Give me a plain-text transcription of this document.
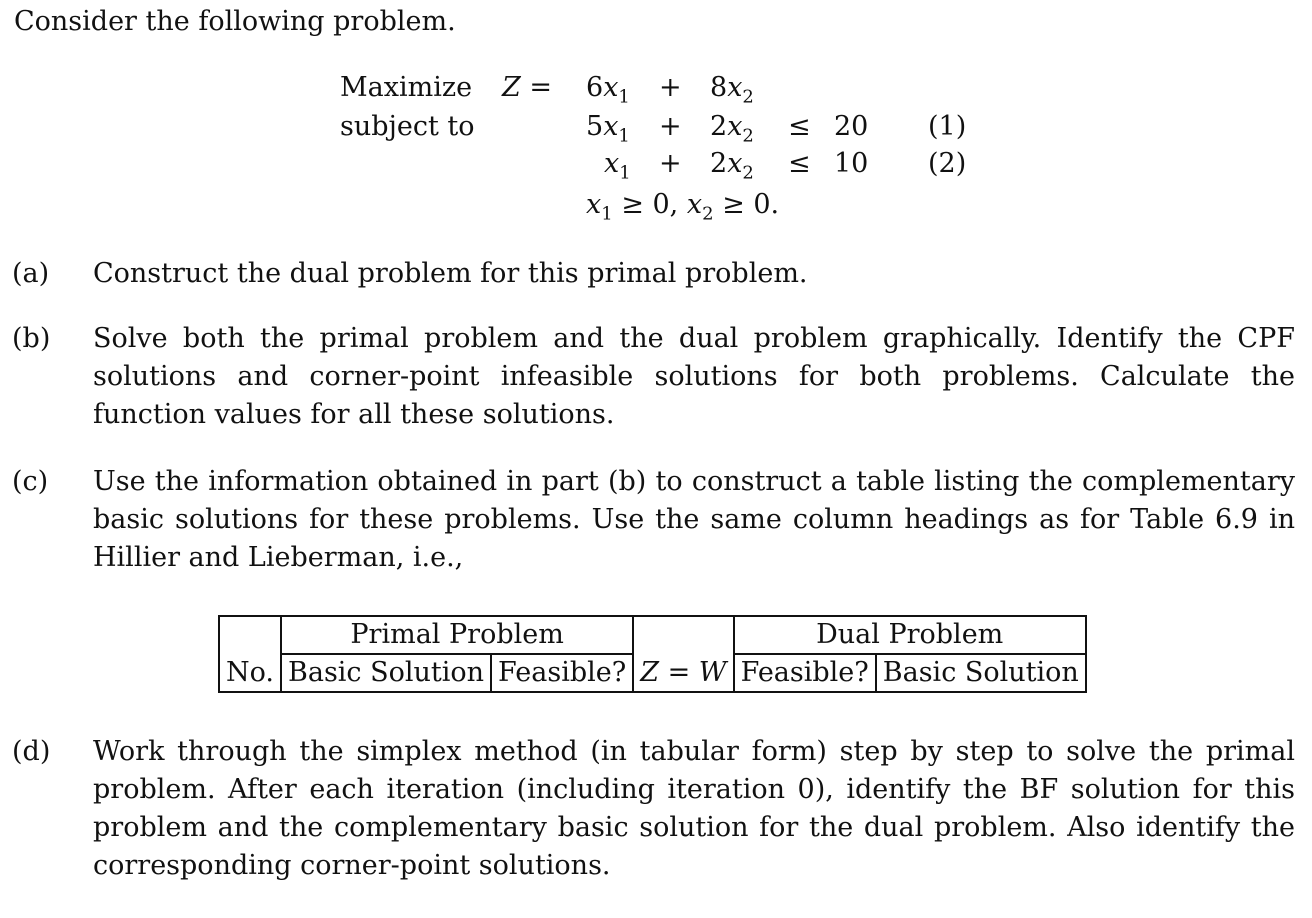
Consider the following problem.
Maximize $Z = 6x_1 + 8x_2$
subject to	$5x_1 + 2x_2 \le 20$ (1)
$x_1 + 2x_2 \le 10$ (2)
$x_1 \ge 0$, $x_2 \ge 0$.
(a) Construct the dual problem for this primal problem.
(b) Solve both the primal problem and the dual problem graphically. Identify the CPF
solutions and corner-point infeasible solutions for both problems. Calculate the
function values for all these solutions.
(c) Use the information obtained in part (b) to construct a table listing the complementary
basic solutions for these problems. Use the same column headings as for Table 6.9 in
Hillier and Lieberman, i.e.,
	Primal Problem			Dual Problem	
No.	Basic Solution	Feasible?	Z = W	Feasible?	Basic Solution
(d) Work through the simplex method (in tabular form) step by step to solve the primal
problem. After each iteration (including iteration 0), identify the BF solution for this
problem and the complementary basic solution for the dual problem. Also identify the
corresponding corner-point solutions.
